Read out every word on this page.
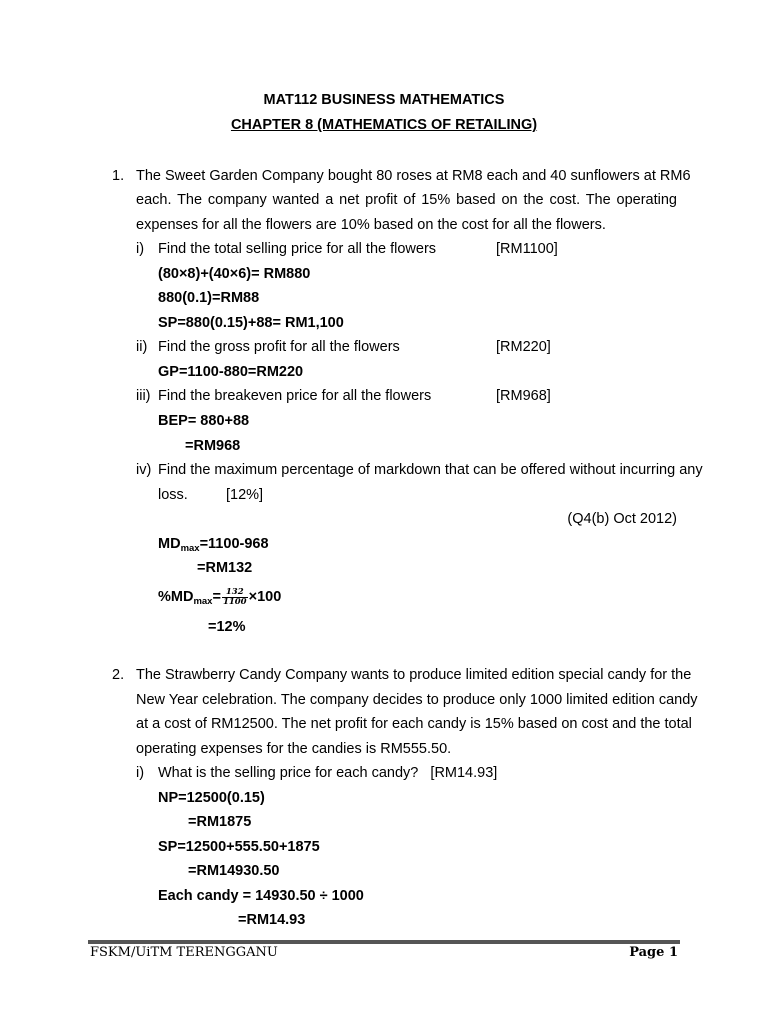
MAT112 BUSINESS MATHEMATICS
CHAPTER 8 (MATHEMATICS OF RETAILING)
1. The Sweet Garden Company bought 80 roses at RM8 each and 40 sunflowers at RM6
each. The company wanted a net profit of 15% based on the cost. The operating
expenses for all the flowers are 10% based on the cost for all the flowers.
i) Find the total selling price for all the flowers	[RM1100]
(80×8)+(40×6)= RM880
880(0.1)=RM88
SP=880(0.15)+88= RM1,100
ii) Find the gross profit for all the flowers	[RM220]
GP=1100-880=RM220
iii) Find the breakeven price for all the flowers	[RM968]
BEP= 880+88
=RM968
iv) Find the maximum percentage of markdown that can be offered without incurring any
loss.	[12%]
(Q4(b) Oct 2012)
$MD_{max}=1100-968$
=RM132
$\%MD_{max}= \frac{132}{1100} \times 100$
=12%
2. The Strawberry Candy Company wants to produce limited edition special candy for the
New Year celebration. The company decides to produce only 1000 limited edition candy
at a cost of RM12500. The net profit for each candy is 15% based on cost and the total
operating expenses for the candies is RM555.50.
i) What is the selling price for each candy?   [RM14.93]
NP=12500(0.15)
=RM1875
SP=12500+555.50+1875
=RM14930.50
Each candy = 14930.50 ÷ 1000
=RM14.93
FSKM/UiTM TERENGGANU	Page 1
